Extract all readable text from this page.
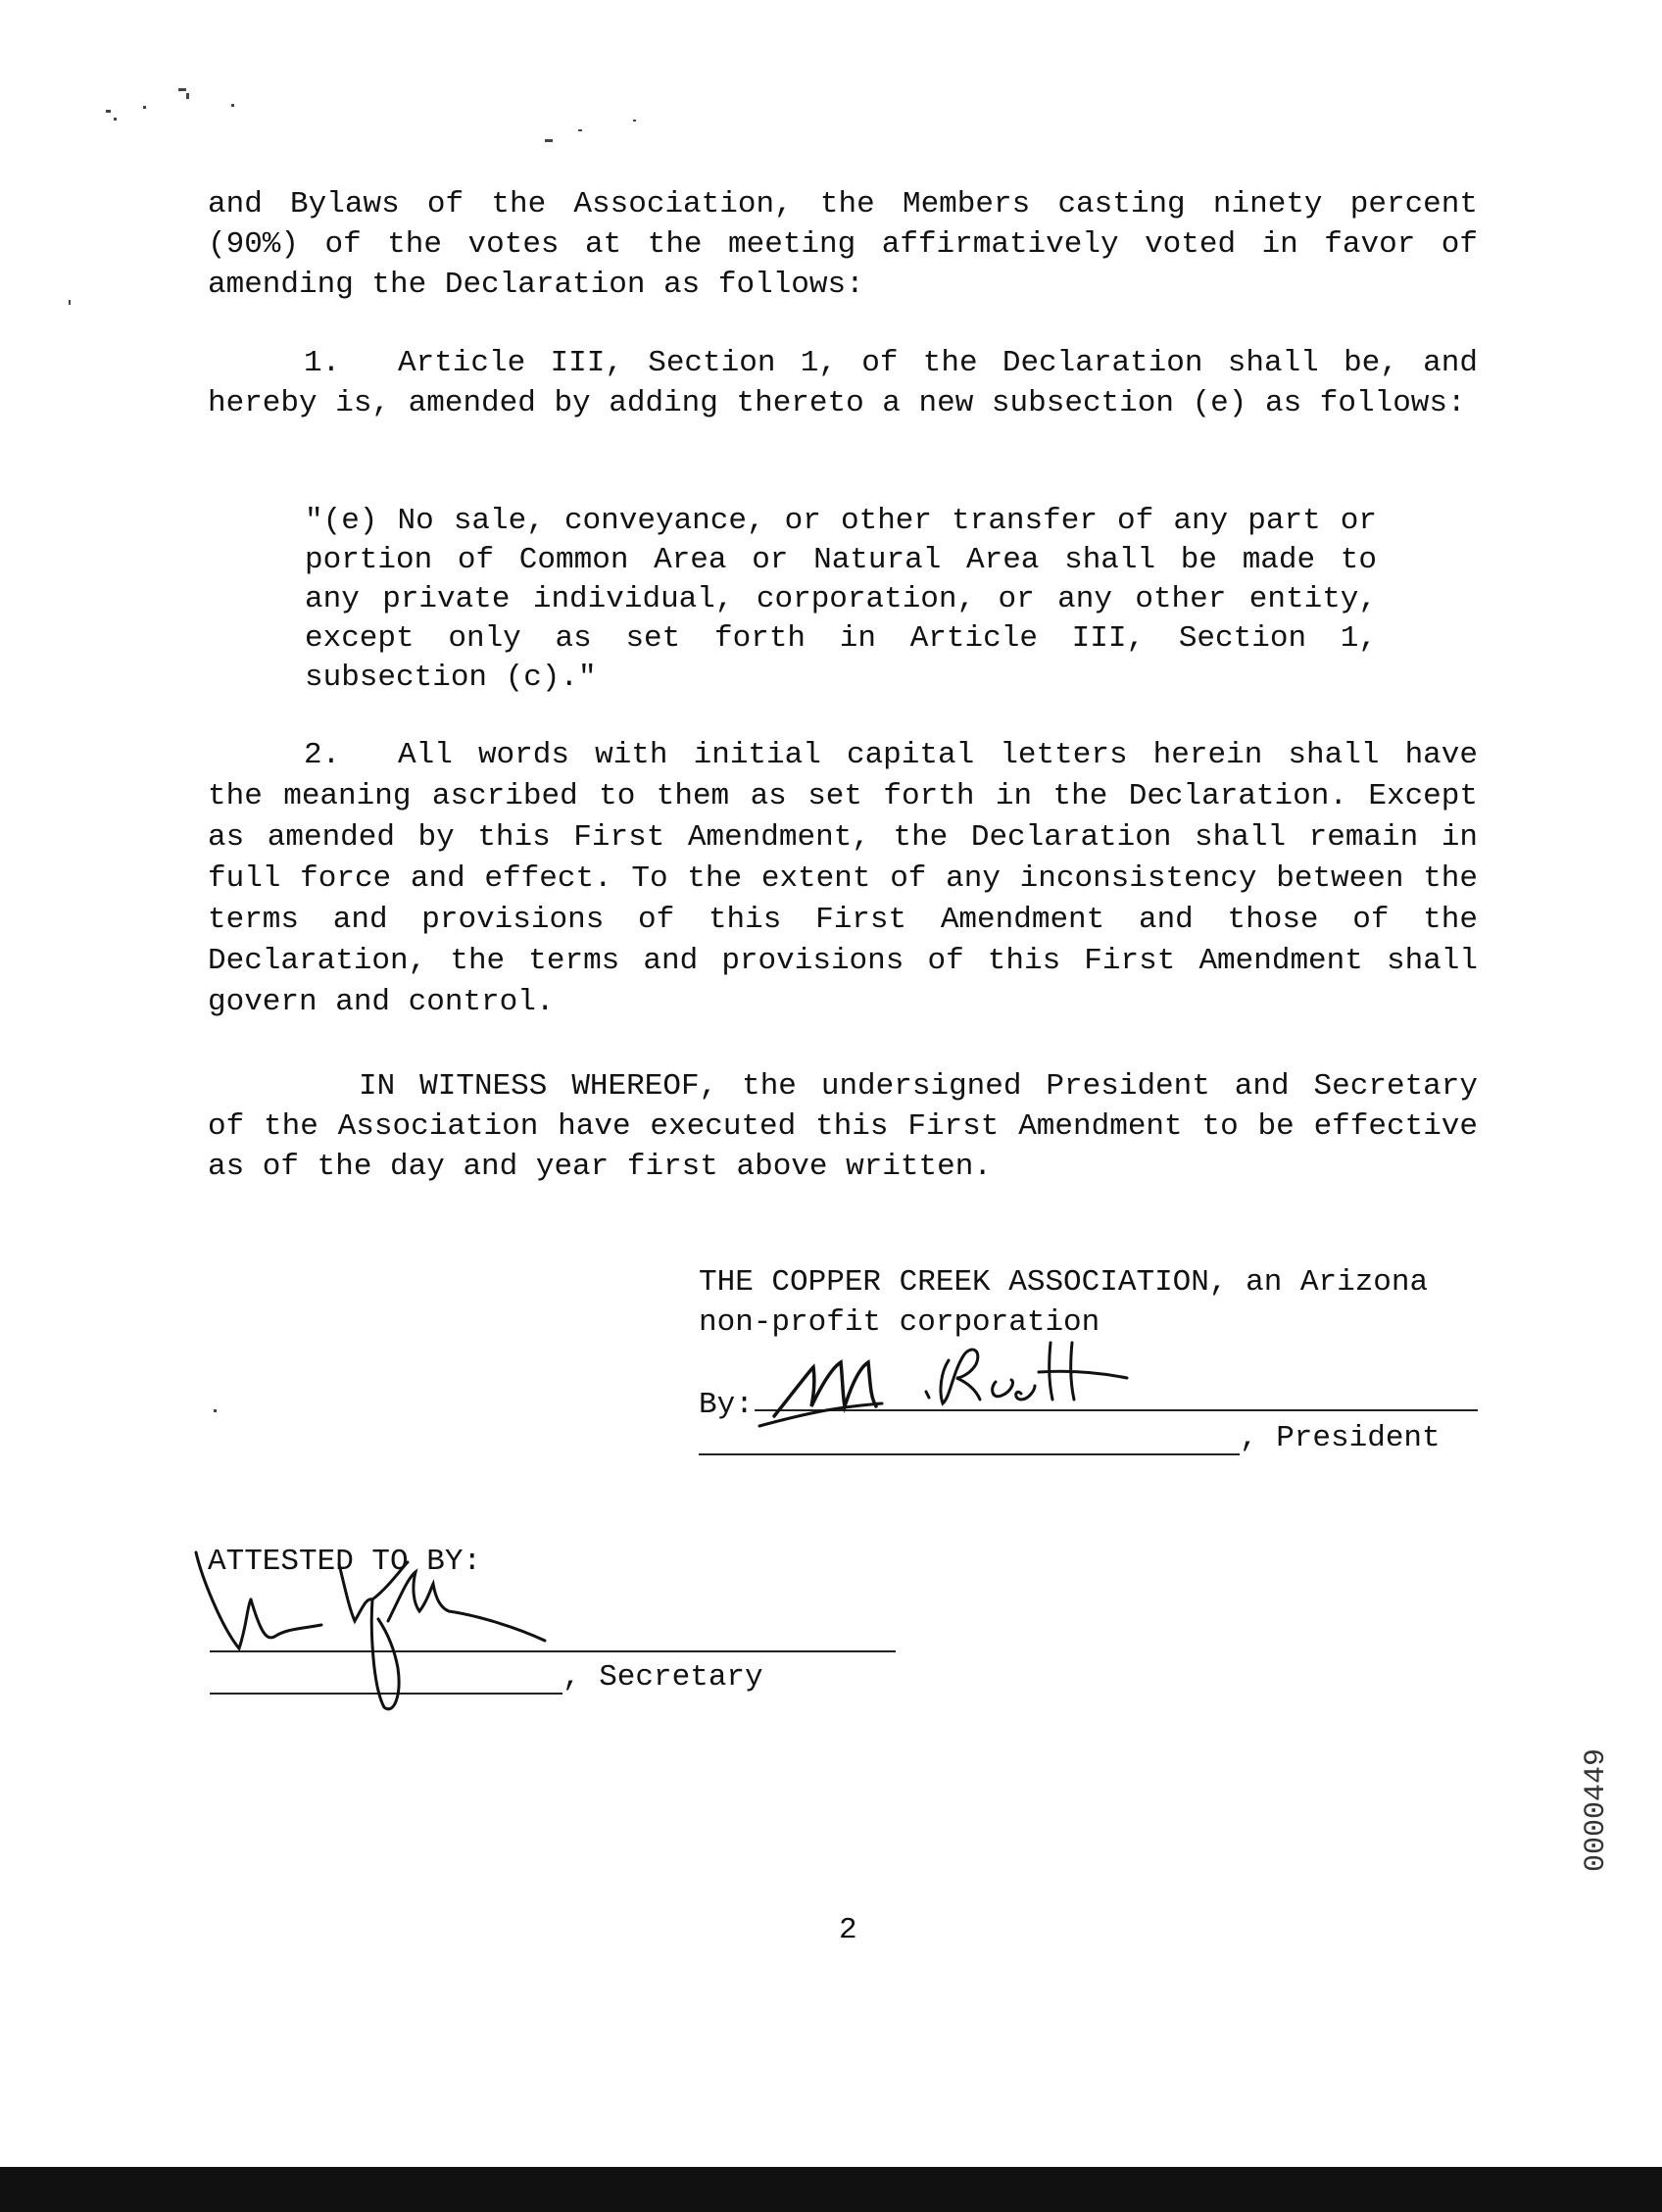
and Bylaws of the Association, the Members casting ninety percent (90%) of the votes at the meeting affirmatively voted in favor of amending the Declaration as follows:

1. Article III, Section 1, of the Declaration shall be, and hereby is, amended by adding thereto a new subsection (e) as follows:

"(e) No sale, conveyance, or other transfer of any part or portion of Common Area or Natural Area shall be made to any private individual, corporation, or any other entity, except only as set forth in Article III, Section 1, subsection (c)."

2. All words with initial capital letters herein shall have the meaning ascribed to them as set forth in the Declaration. Except as amended by this First Amendment, the Declaration shall remain in full force and effect. To the extent of any inconsistency between the terms and provisions of this First Amendment and those of the Declaration, the terms and provisions of this First Amendment shall govern and control.

IN WITNESS WHEREOF, the undersigned President and Secretary of the Association have executed this First Amendment to be effective as of the day and year first above written.

THE COPPER CREEK ASSOCIATION, an Arizona
non-profit corporation
By:
, President
ATTESTED TO BY:
, Secretary
0000449
2
